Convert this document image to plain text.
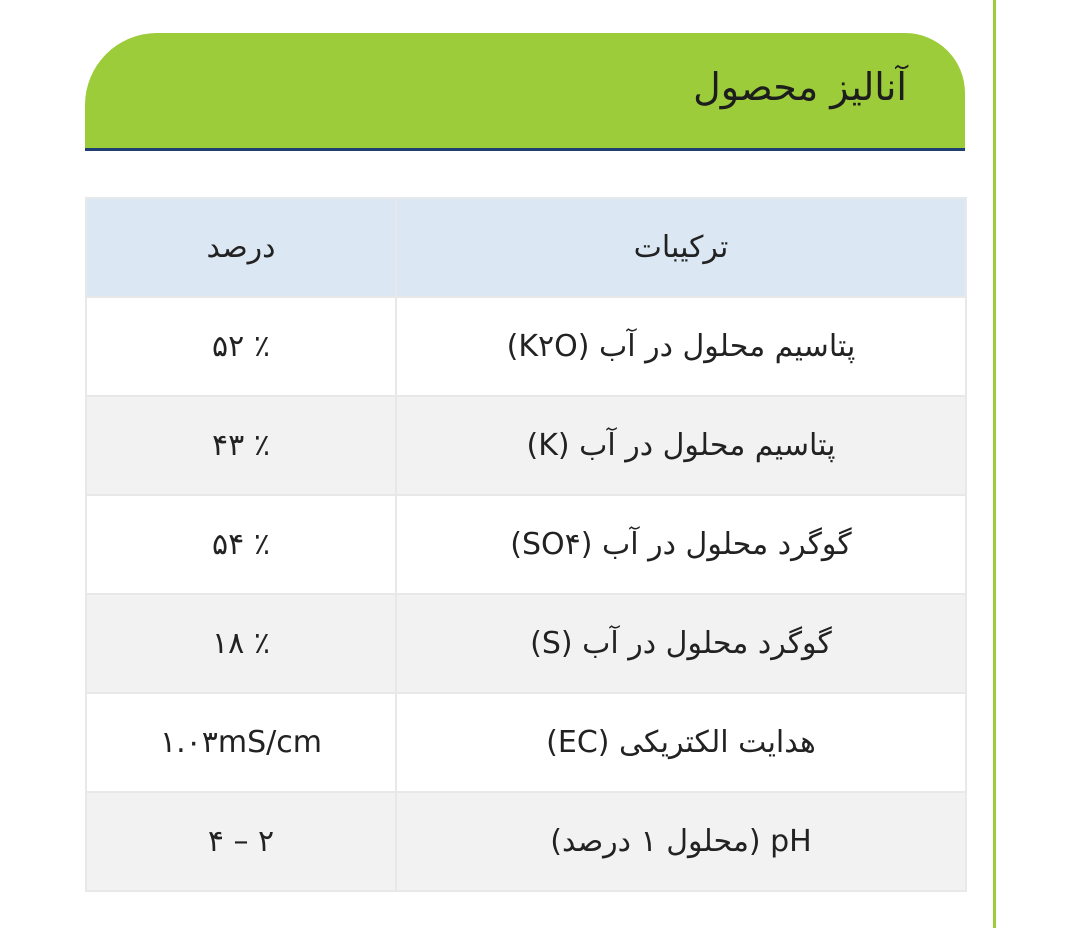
آنالیز محصول
ترکیبات	درصد
پتاسیم محلول در آب (K۲O)	٪ ۵۲
پتاسیم محلول در آب (K)	٪ ۴۳
گوگرد محلول در آب (SO۴)	٪ ۵۴
گوگرد محلول در آب (S)	٪ ۱۸
هدایت الکتریکی (EC)	۱.۰۳mS/cm
pH (محلول ۱ درصد)	۲ – ۴
